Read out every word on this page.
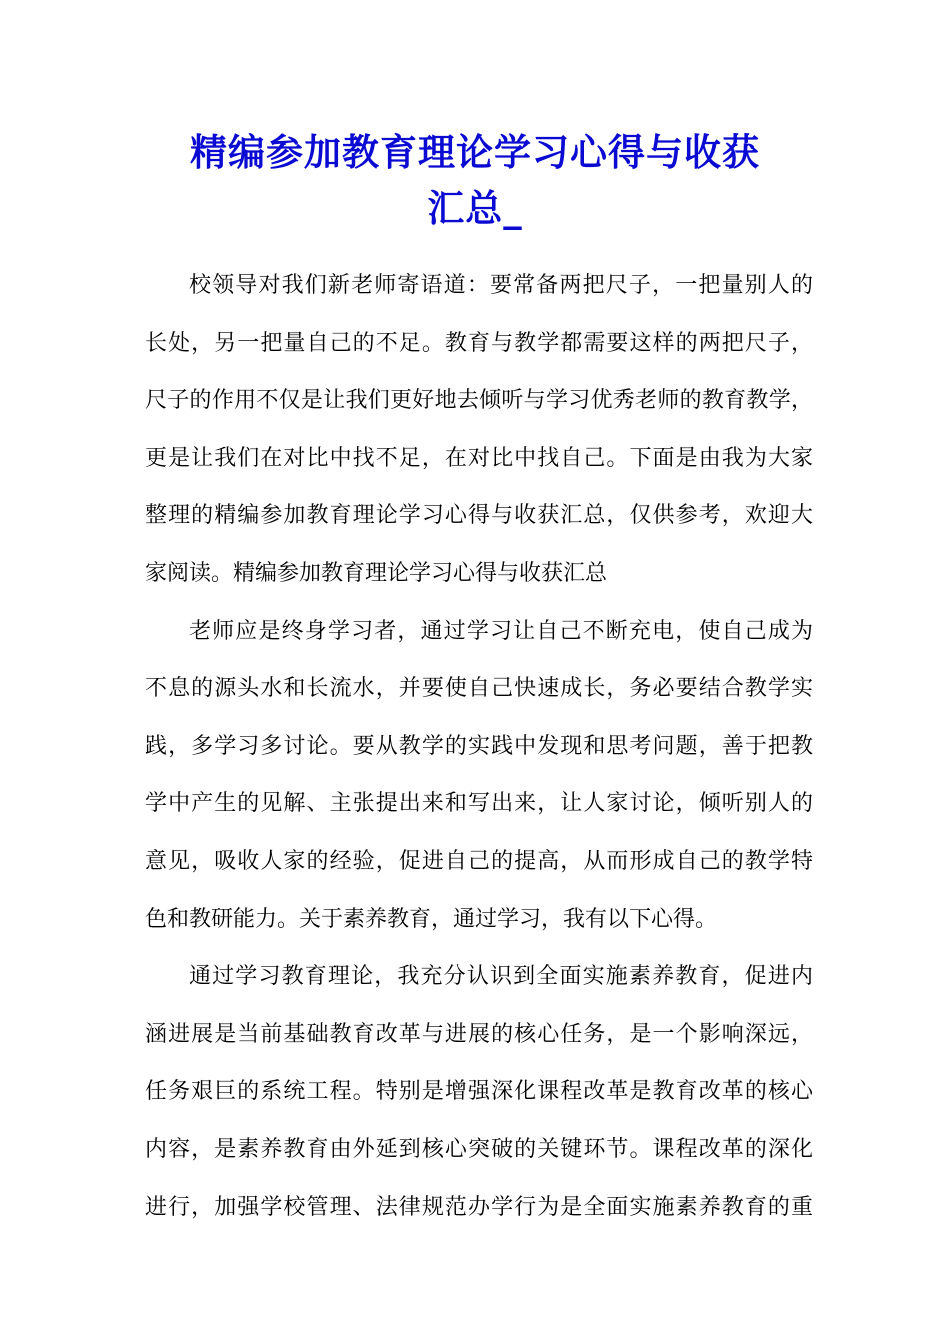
精编参加教育理论学习心得与收获
汇总_
校领导对我们新老师寄语道：要常备两把尺子，一把量别人的
长处，另一把量自己的不足。教育与教学都需要这样的两把尺子，
尺子的作用不仅是让我们更好地去倾听与学习优秀老师的教育教学，
更是让我们在对比中找不足，在对比中找自己。下面是由我为大家
整理的精编参加教育理论学习心得与收获汇总，仅供参考，欢迎大
家阅读。精编参加教育理论学习心得与收获汇总
老师应是终身学习者，通过学习让自己不断充电，使自己成为
不息的源头水和长流水，并要使自己快速成长，务必要结合教学实
践，多学习多讨论。要从教学的实践中发现和思考问题，善于把教
学中产生的见解、主张提出来和写出来，让人家讨论，倾听别人的
意见，吸收人家的经验，促进自己的提高，从而形成自己的教学特
色和教研能力。关于素养教育，通过学习，我有以下心得。
通过学习教育理论，我充分认识到全面实施素养教育，促进内
涵进展是当前基础教育改革与进展的核心任务，是一个影响深远，
任务艰巨的系统工程。特别是增强深化课程改革是教育改革的核心
内容，是素养教育由外延到核心突破的关键环节。课程改革的深化
进行，加强学校管理、法律规范办学行为是全面实施素养教育的重
